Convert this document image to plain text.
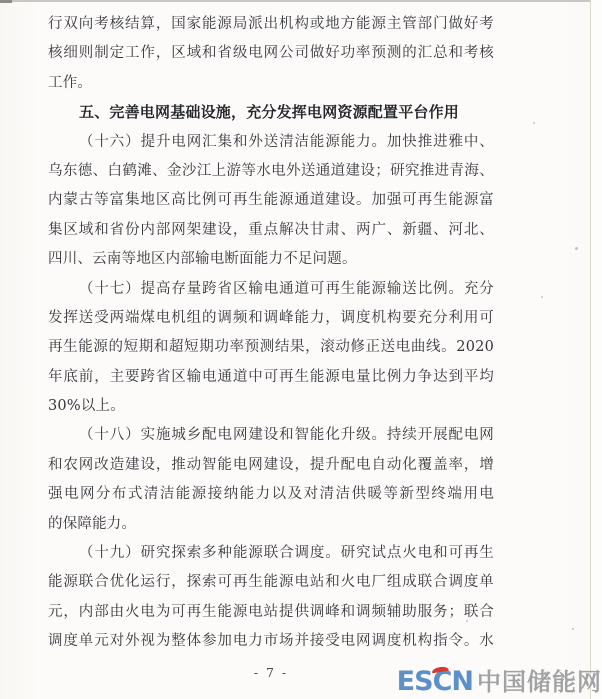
行双向考核结算，国家能源局派出机构或地方能源主管部门做好考
核细则制定工作，区域和省级电网公司做好功率预测的汇总和考核
工作。
五、完善电网基础设施，充分发挥电网资源配置平台作用
（十六）提升电网汇集和外送清洁能源能力。加快推进雅中、
乌东德、白鹤滩、金沙江上游等水电外送通道建设；研究推进青海、
内蒙古等富集地区高比例可再生能源通道建设。加强可再生能源富
集区域和省份内部网架建设，重点解决甘肃、两广、新疆、河北、
四川、云南等地区内部输电断面能力不足问题。
（十七）提高存量跨省区输电通道可再生能源输送比例。充分
发挥送受两端煤电机组的调频和调峰能力，调度机构要充分利用可
再生能源的短期和超短期功率预测结果，滚动修正送电曲线。2020
年底前，主要跨省区输电通道中可再生能源电量比例力争达到平均
30%以上。
（十八）实施城乡配电网建设和智能化升级。持续开展配电网
和农网改造建设，推动智能电网建设，提升配电自动化覆盖率，增
强电网分布式清洁能源接纳能力以及对清洁供暖等新型终端用电
的保障能力。
（十九）研究探索多种能源联合调度。研究试点火电和可再生
能源联合优化运行，探索可再生能源电站和火电厂组成联合调度单
元，内部由火电为可再生能源电站提供调峰和调频辅助服务；联合
调度单元对外视为整体参加电力市场并接受电网调度机构指令。水
- 7 -	ES
CN 中国储能网
